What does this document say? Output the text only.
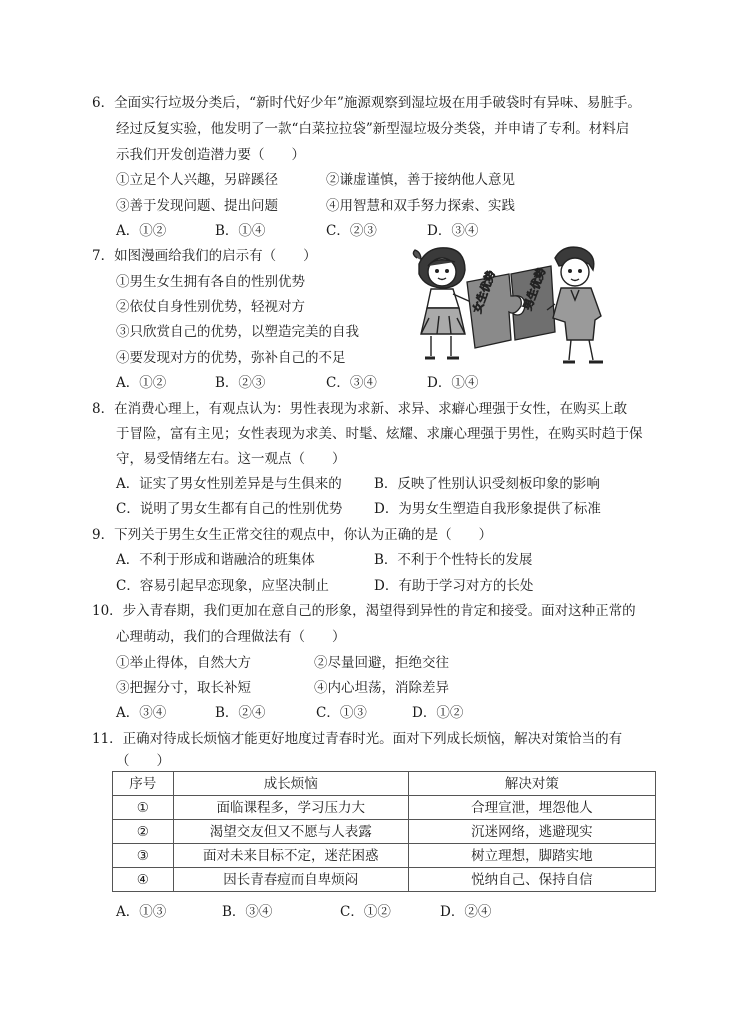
6．全面实行垃圾分类后，“新时代好少年”施源观察到湿垃圾在用手破袋时有异味、易脏手。
经过反复实验，他发明了一款“白菜拉拉袋”新型湿垃圾分类袋，并申请了专利。材料启
示我们开发创造潜力要（　　）
①立足个人兴趣，另辟蹊径	②谦虚谨慎，善于接纳他人意见
③善于发现问题、提出问题	④用智慧和双手努力探索、实践
A．①②	B．①④	C．②③	D．③④
7．如图漫画给我们的启示有（　　）
①男生女生拥有各自的性别优势
②依仗自身性别优势，轻视对方
③只欣赏自己的优势，以塑造完美的自我
④要发现对方的优势，弥补自己的不足
A．①②	B．②③	C．③④	D．①④
女生优势 男生优势
8．在消费心理上，有观点认为：男性表现为求新、求异、求癖心理强于女性，在购买上敢
于冒险，富有主见；女性表现为求美、时髦、炫耀、求廉心理强于男性，在购买时趋于保
守，易受情绪左右。这一观点（　　）
A．证实了男女性别差异是与生俱来的 B．反映了性别认识受刻板印象的影响
C．说明了男女生都有自己的性别优势 D．为男女生塑造自我形象提供了标准
9．下列关于男生女生正常交往的观点中，你认为正确的是（　　）
A．不利于形成和谐融洽的班集体	B．不利于个性特长的发展
C．容易引起早恋现象，应坚决制止	D．有助于学习对方的长处
10．步入青春期，我们更加在意自己的形象，渴望得到异性的肯定和接受。面对这种正常的
心理萌动，我们的合理做法有（　　）
①举止得体，自然大方	②尽量回避，拒绝交往
③把握分寸，取长补短	④内心坦荡，消除差异
A．③④	B．②④	C．①③	D．①②
11．正确对待成长烦恼才能更好地度过青春时光。面对下列成长烦恼，解决对策恰当的有
（　　）
序号	成长烦恼	解决对策
①	面临课程多，学习压力大	合理宣泄，埋怨他人
②	渴望交友但又不愿与人表露	沉迷网络，逃避现实
③	面对未来目标不定，迷茫困惑	树立理想，脚踏实地
④	因长青春痘而自卑烦闷	悦纳自己、保持自信
A．①③	B．③④	C．①②	D．②④
